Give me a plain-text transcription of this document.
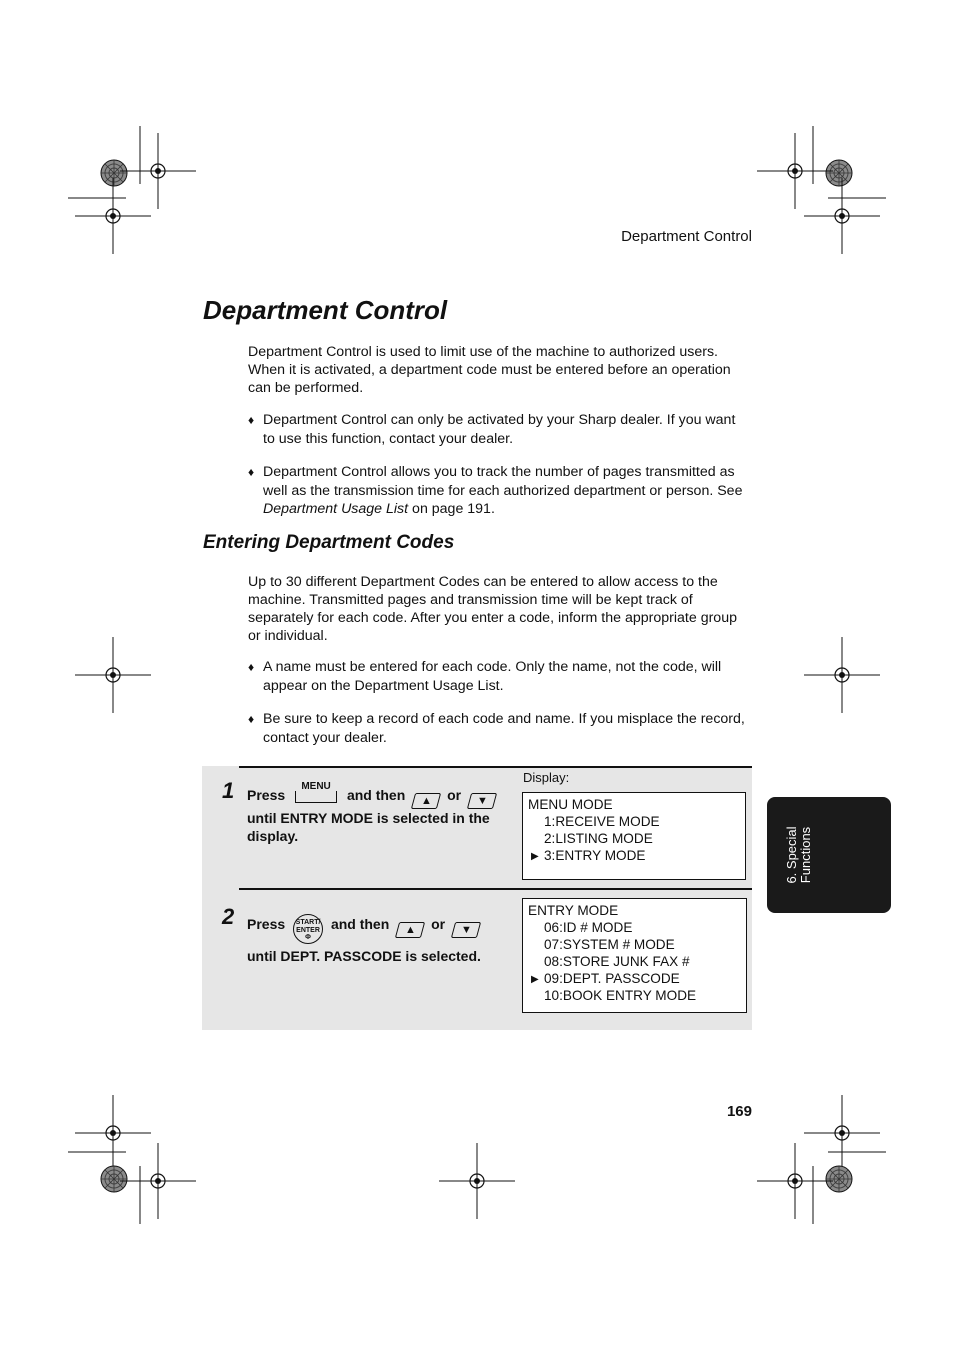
Department Control
Department Control

Department Control is used to limit use of the machine to authorized users. When it is activated, a department code must be entered before an operation can be performed.

♦ Department Control can only be activated by your Sharp dealer. If you want to use this function, contact your dealer.
♦ Department Control allows you to track the number of pages transmitted as well as the transmission time for each authorized department or person. See Department Usage List on page 191.
Entering Department Codes

Up to 30 different Department Codes can be entered to allow access to the machine. Transmitted pages and transmission time will be kept track of separately for each code. After you enter a code, inform the appropriate group or individual.

♦ A name must be entered for each code. Only the name, not the code, will appear on the Department Usage List.
♦ Be sure to keep a record of each code and name. If you misplace the record, contact your dealer.
Display:
1 Press
MENU
and then ▲ or ▼
until ENTRY MODE is selected in the display.
MENU MODE
1:RECEIVE MODE
2:LISTING MODE
▶ 3:ENTRY MODE
2 Press START/
ENTER
Φ and then ▲ or ▼
until DEPT. PASSCODE is selected.
ENTRY MODE
06:ID # MODE
07:SYSTEM # MODE
08:STORE JUNK FAX #
▶ 09:DEPT. PASSCODE
10:BOOK ENTRY MODE
6. Special
Functions
169
